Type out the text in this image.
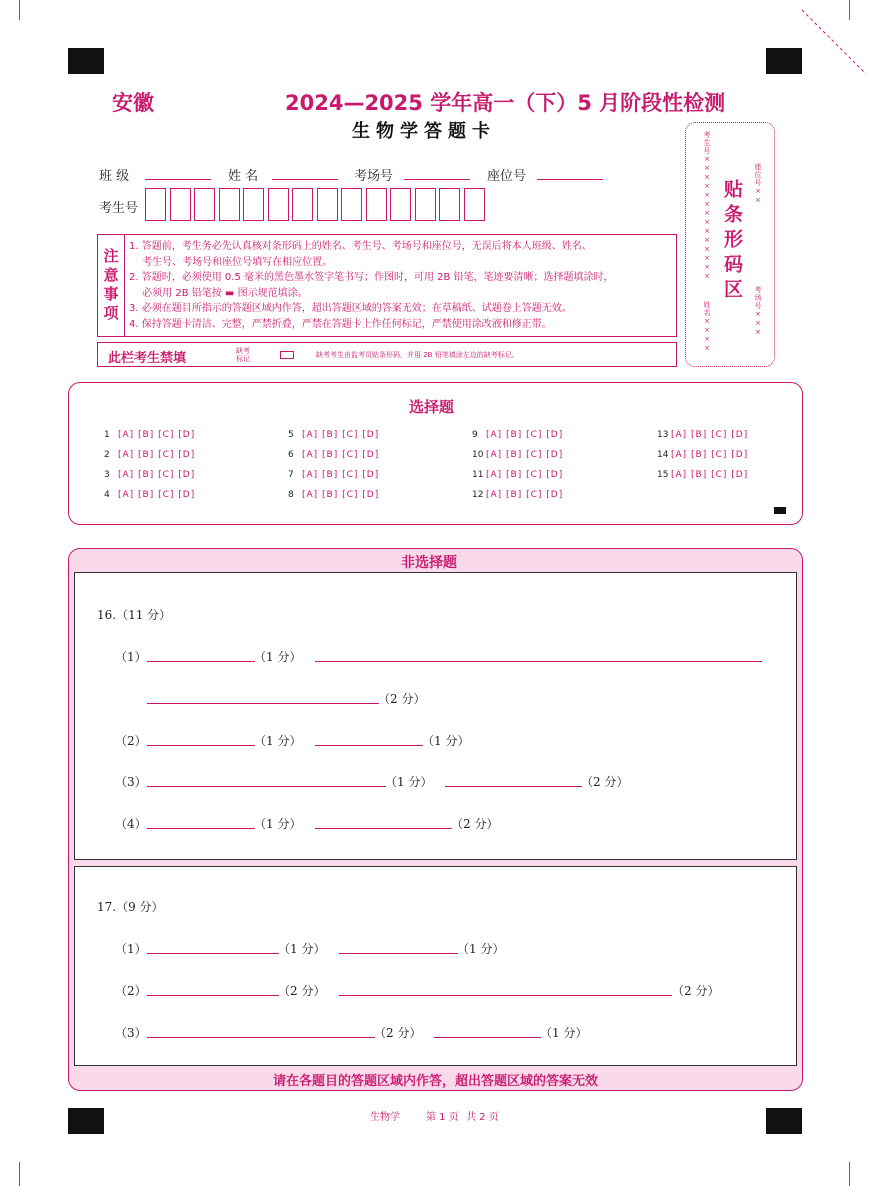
安徽	2024—2025 学年高一（下）5 月阶段性检测
生物学答题卡
班 级	姓 名	考场号	座位号
考生号
注意事项
1. 答题前，考生务必先认真核对条形码上的姓名、考生号、考场号和座位号，无误后将本人班级、姓名、
　 考生号、考场号和座位号填写在相应位置。
2. 答题时，必须使用 0.5 毫米的黑色墨水签字笔书写；作图时，可用 2B 铅笔，笔迹要清晰；选择题填涂时，
　 必须用 2B 铅笔按 ▬ 图示规范填涂。
3. 必须在题目所指示的答题区域内作答，超出答题区域的答案无效；在草稿纸、试题卷上答题无效。
4. 保持答题卡清洁、完整，严禁折叠，严禁在答题卡上作任何标记，严禁使用涂改液和修正带。
此栏考生禁填	缺考标记	缺考考生由监考员贴条形码，并用 2B 铅笔填涂左边的缺考标记。
考生号××××××××××××××
姓名××××
贴条形码区	座位号××
考场号×××
选择题
1 [A] [B] [C] [D]
2 [A] [B] [C] [D]
3 [A] [B] [C] [D]
4 [A] [B] [C] [D]
5 [A] [B] [C] [D]
6 [A] [B] [C] [D]
7 [A] [B] [C] [D]
8 [A] [B] [C] [D]
9 [A] [B] [C] [D]
10 [A] [B] [C] [D]
11 [A] [B] [C] [D]
12 [A] [B] [C] [D]
13 [A] [B] [C] [D]
14 [A] [B] [C] [D]
15 [A] [B] [C] [D]
非选择题
16.（11 分）
（1）	（1 分）
（2 分）
（2）	（1 分）	（1 分）
（3）	（1 分）	（2 分）
（4）	（1 分）	（2 分）
17.（9 分）
（1）	（1 分）	（1 分）
（2）	（2 分）	（2 分）
（3）	（2 分）	（1 分）
请在各题目的答题区域内作答，超出答题区域的答案无效
生物学	第 1 页 共 2 页
